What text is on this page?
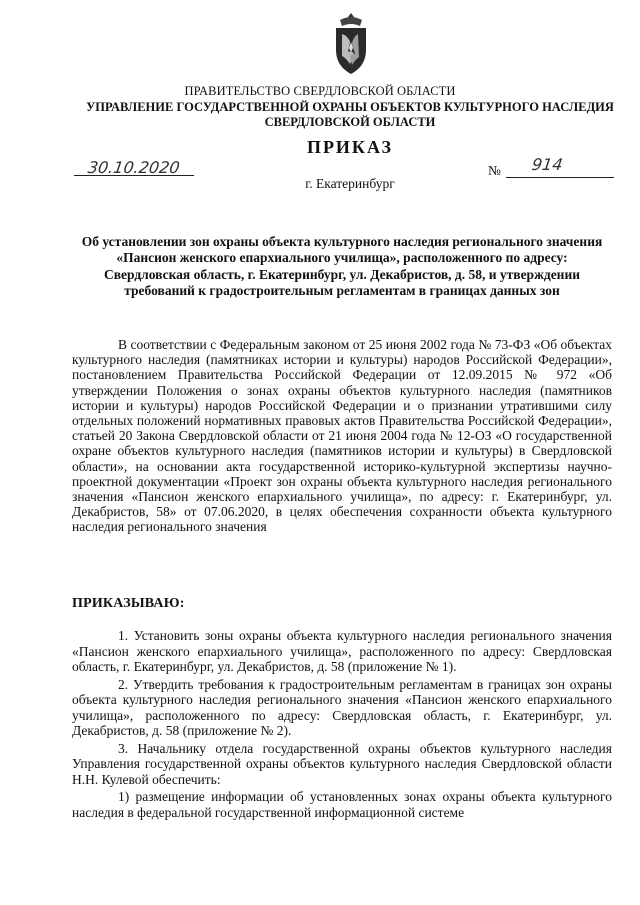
ПРАВИТЕЛЬСТВО СВЕРДЛОВСКОЙ ОБЛАСТИ
УПРАВЛЕНИЕ ГОСУДАРСТВЕННОЙ ОХРАНЫ ОБЪЕКТОВ КУЛЬТУРНОГО НАСЛЕДИЯ СВЕРДЛОВСКОЙ ОБЛАСТИ
ПРИКАЗ
30.10.2020	№ 914
г. Екатеринбург
Об установлении зон охраны объекта культурного наследия регионального значения «Пансион женского епархиального училища», расположенного по адресу: Свердловская область, г. Екатеринбург, ул. Декабристов, д. 58, и утверждении требований к градостроительным регламентам в границах данных зон

В соответствии с Федеральным законом от 25 июня 2002 года № 73-ФЗ «Об объектах культурного наследия (памятниках истории и культуры) народов Российской Федерации», постановлением Правительства Российской Федерации от 12.09.2015 № 972 «Об утверждении Положения о зонах охраны объектов культурного наследия (памятников истории и культуры) народов Российской Федерации и о признании утратившими силу отдельных положений нормативных правовых актов Правительства Российской Федерации», статьей 20 Закона Свердловской области от 21 июня 2004 года № 12-ОЗ «О государственной охране объектов культурного наследия (памятников истории и культуры) в Свердловской области», на основании акта государственной историко-культурной экспертизы научно-проектной документации «Проект зон охраны объекта культурного наследия регионального значения «Пансион женского епархиального училища», по адресу: г. Екатеринбург, ул. Декабристов, 58» от 07.06.2020, в целях обеспечения сохранности объекта культурного наследия регионального значения

ПРИКАЗЫВАЮ:

1. Установить зоны охраны объекта культурного наследия регионального значения «Пансион женского епархиального училища», расположенного по адресу: Свердловская область, г. Екатеринбург, ул. Декабристов, д. 58 (приложение № 1).

2. Утвердить требования к градостроительным регламентам в границах зон охраны объекта культурного наследия регионального значения «Пансион женского епархиального училища», расположенного по адресу: Свердловская область, г. Екатеринбург, ул. Декабристов, д. 58 (приложение № 2).

3. Начальнику отдела государственной охраны объектов культурного наследия Управления государственной охраны объектов культурного наследия Свердловской области Н.Н. Кулевой обеспечить:

1) размещение информации об установленных зонах охраны объекта культурного наследия в федеральной государственной информационной системе
